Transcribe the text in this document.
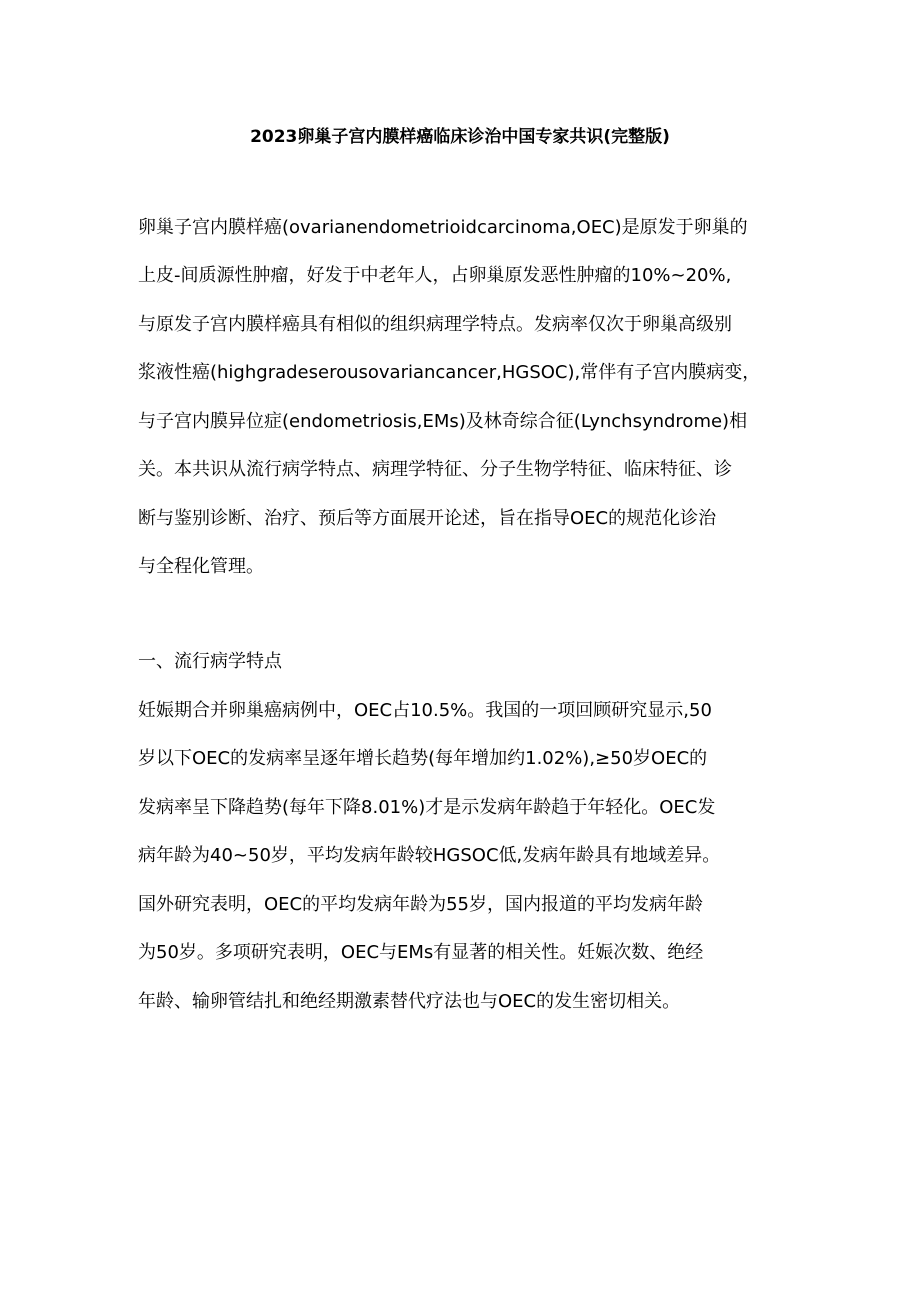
2023卵巢子宫内膜样癌临床诊治中国专家共识(完整版)
卵巢子宫内膜样癌(ovarianendometrioidcarcinoma,OEC)是原发于卵巢的
上皮-间质源性肿瘤，好发于中老年人，占卵巢原发恶性肿瘤的10%~20%,
与原发子宫内膜样癌具有相似的组织病理学特点。发病率仅次于卵巢高级别
浆液性癌(highgradeserousovariancancer,HGSOC),常伴有子宫内膜病变，
与子宫内膜异位症(endometriosis,EMs)及林奇综合征(Lynchsyndrome)相
关。本共识从流行病学特点、病理学特征、分子生物学特征、临床特征、诊
断与鉴别诊断、治疗、预后等方面展开论述，旨在指导OEC的规范化诊治
与全程化管理。
一、流行病学特点
妊娠期合并卵巢癌病例中，OEC占10.5%。我国的一项回顾研究显示,50
岁以下OEC的发病率呈逐年增长趋势(每年增加约1.02%),≥50岁OEC的
发病率呈下降趋势(每年下降8.01%)才是示发病年龄趋于年轻化。OEC发
病年龄为40~50岁，平均发病年龄较HGSOC低,发病年龄具有地域差异。
国外研究表明，OEC的平均发病年龄为55岁，国内报道的平均发病年龄
为50岁。多项研究表明，OEC与EMs有显著的相关性。妊娠次数、绝经
年龄、输卵管结扎和绝经期激素替代疗法也与OEC的发生密切相关。
